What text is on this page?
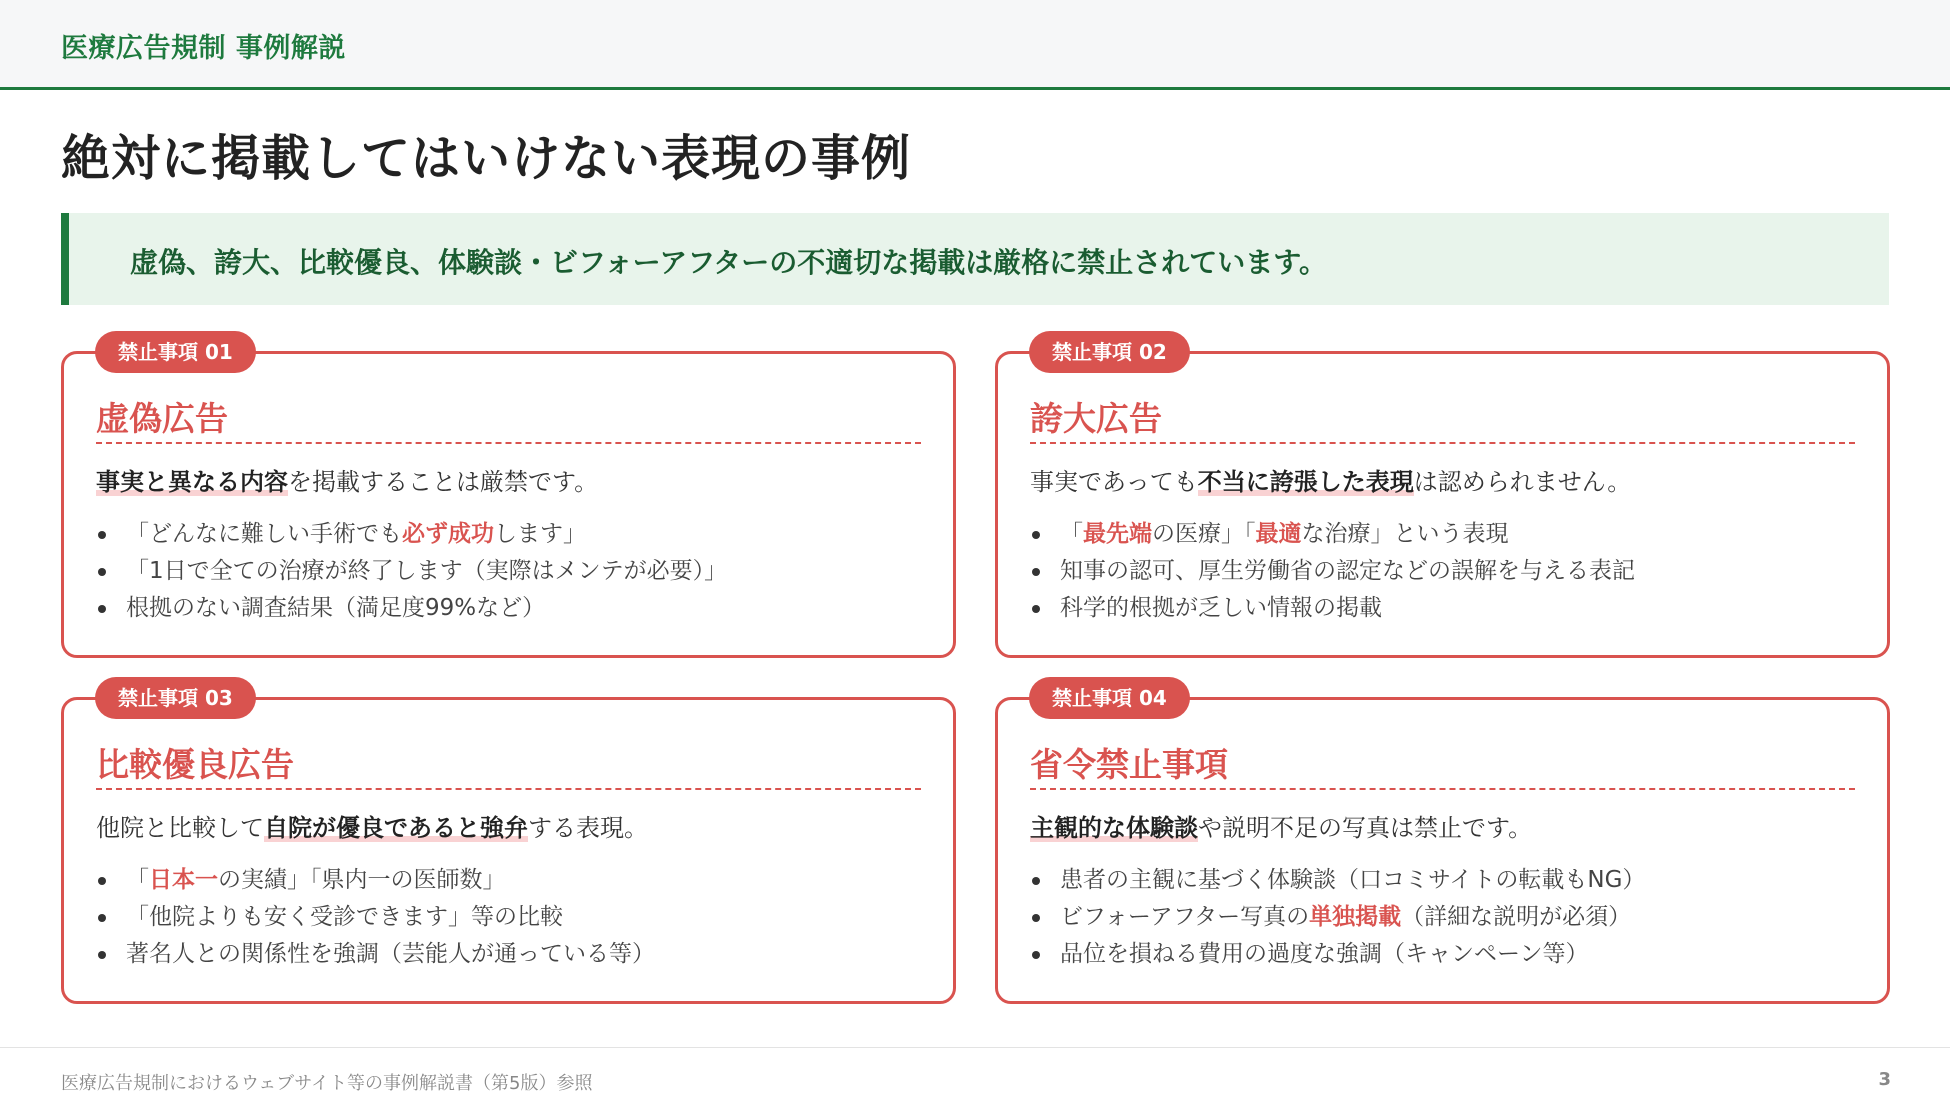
医療広告規制 事例解説
絶対に掲載してはいけない表現の事例
虚偽、誇大、比較優良、体験談・ビフォーアフターの不適切な掲載は厳格に禁止されています。
禁止事項 01
虚偽広告
事実と異なる内容を掲載することは厳禁です。
「どんなに難しい手術でも必ず成功します」
「1日で全ての治療が終了します（実際はメンテが必要）」
根拠のない調査結果（満足度99%など）
禁止事項 02
誇大広告
事実であっても不当に誇張した表現は認められません。
「最先端の医療」「最適な治療」という表現
知事の認可、厚生労働省の認定などの誤解を与える表記
科学的根拠が乏しい情報の掲載
禁止事項 03
比較優良広告
他院と比較して自院が優良であると強弁する表現。
「日本一の実績」「県内一の医師数」
「他院よりも安く受診できます」等の比較
著名人との関係性を強調（芸能人が通っている等）
禁止事項 04
省令禁止事項
主観的な体験談や説明不足の写真は禁止です。
患者の主観に基づく体験談（口コミサイトの転載もNG）
ビフォーアフター写真の単独掲載（詳細な説明が必須）
品位を損ねる費用の過度な強調（キャンペーン等）
医療広告規制におけるウェブサイト等の事例解説書（第5版）参照	3
